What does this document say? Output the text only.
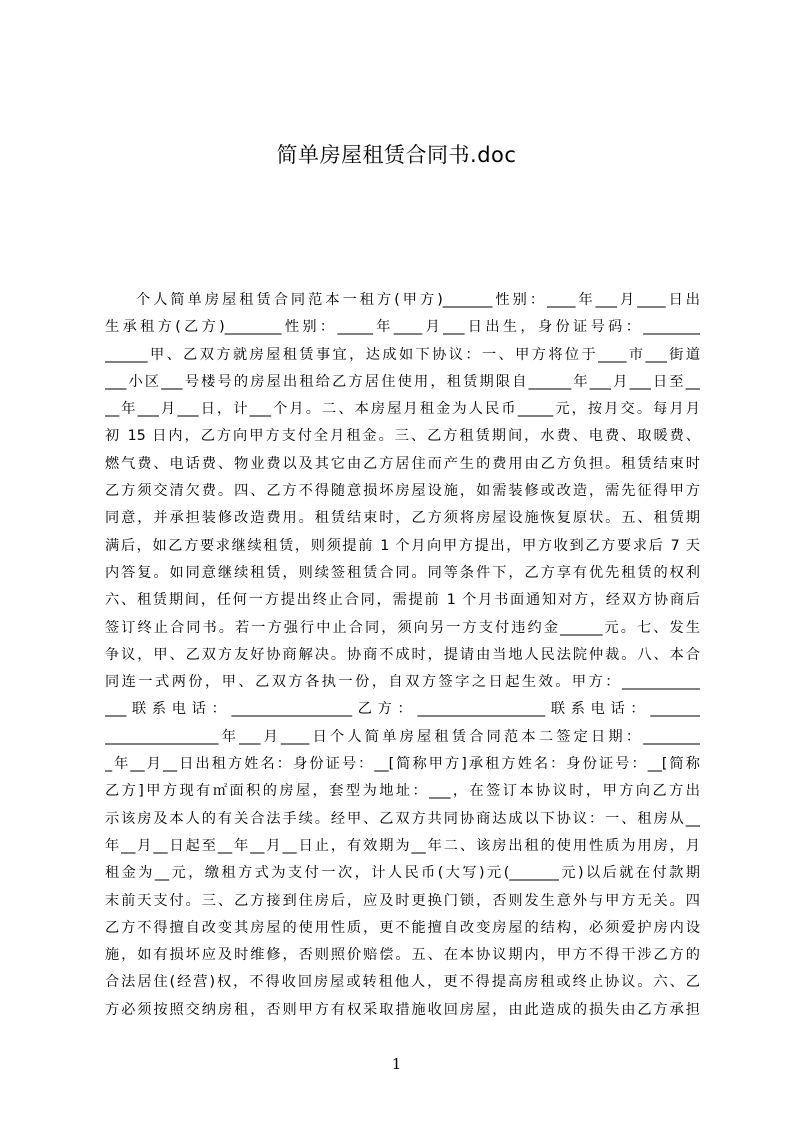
简单房屋租赁合同书.doc
个人简单房屋租赁合同范本一租方(甲方)_______性别：____年___月____日出
生承租方(乙方)________性别：_____年____月___日出生，身份证号码：________
______甲、乙双方就房屋租赁事宜，达成如下协议：一、甲方将位于____市___街道
___小区___号楼号的房屋出租给乙方居住使用，租赁期限自______年___月___日至__
__年___月___日，计___个月。二、本房屋月租金为人民币_____元，按月交。每月月
初 15 日内，乙方向甲方支付全月租金。三、乙方租赁期间，水费、电费、取暖费、
燃气费、电话费、物业费以及其它由乙方居住而产生的费用由乙方负担。租赁结束时
乙方须交清欠费。四、乙方不得随意损坏房屋设施，如需装修或改造，需先征得甲方
同意，并承担装修改造费用。租赁结束时，乙方须将房屋设施恢复原状。五、租赁期
满后，如乙方要求继续租赁，则须提前 1 个月向甲方提出，甲方收到乙方要求后 7 天
内答复。如同意继续租赁，则续签租赁合同。同等条件下，乙方享有优先租赁的权利
六、租赁期间，任何一方提出终止合同，需提前 1 个月书面通知对方，经双方协商后
签订终止合同书。若一方强行中止合同，须向另一方支付违约金______元。七、发生
争议，甲、乙双方友好协商解决。协商不成时，提请由当地人民法院仲裁。八、本合
同连一式两份，甲、乙双方各执一份，自双方签字之日起生效。甲方：___________
___联系电话：_________________乙方：__________________联系电话：_______
________________年___月____日个人简单房屋租赁合同范本二签定日期：________
_年__月__日出租方姓名：身份证号：__[简称甲方]承租方姓名：身份证号：__[简称
乙方]甲方现有㎡面积的房屋，套型为地址：___，在签订本协议时，甲方向乙方出
示该房及本人的有关合法手续。经甲、乙双方共同协商达成以下协议：一、租房从__
年__月__日起至__年__月__日止，有效期为__年二、该房出租的使用性质为用房，月
租金为__元，缴租方式为支付一次，计人民币(大写)元(_______元)以后就在付款期
末前天支付。三、乙方接到住房后，应及时更换门锁，否则发生意外与甲方无关。四
乙方不得擅自改变其房屋的使用性质，更不能擅自改变房屋的结构，必须爱护房内设
施，如有损坏应及时维修，否则照价赔偿。五、在本协议期内，甲方不得干涉乙方的
合法居住(经营)权，不得收回房屋或转租他人，更不得提高房租或终止协议。六、乙
方必须按照交纳房租，否则甲方有权采取措施收回房屋，由此造成的损失由乙方承担
1
